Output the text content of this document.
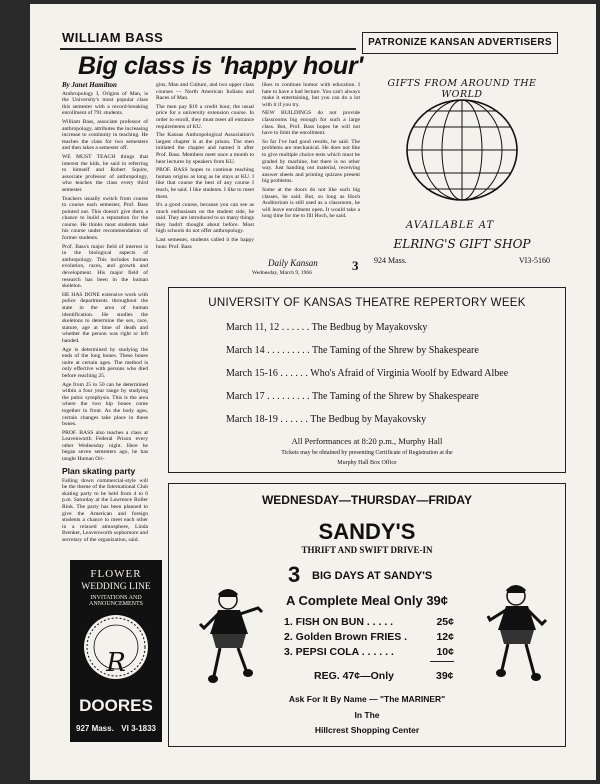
WILLIAM BASS	PATRONIZE KANSAN ADVERTISERS
Big class is 'happy hour'
By Janet Hamilton

Anthropology I, Origins of Man, is the University's most popular class this semester with a record-breaking enrollment of 791 students.

William Bass, associate professor of anthropology, attributes the increasing increase to continuity in teaching. He teaches the class for two semesters and then takes a semester off.

WE MUST TEACH things that interest the kids, he said in referring to himself and Robert Squire, associate professor of anthropology, who teaches the class every third semester.

Teachers usually switch from course to course each semester, Prof. Bass pointed out. This doesn't give them a chance to build a reputation for the course. He thinks most students take his course under recommendation of former students.

Prof. Bass's major field of interest is in the biological aspects of anthropology. This includes human evolution, races, and growth and development. His major field of research has been in the human skeleton.

HE HAS DONE extensive work with police departments throughout the state in the area of human identification. He studies the skeletons to determine the sex, race, stature, age at time of death and whether the person was right or left handed.

Age is determined by studying the ends of the long bones. These bones unite at certain ages. The method is only effective with persons who died before reaching 25.

Age from 25 to 50 can be determined within a four year range by studying the pubic symphysis. This is the area where the two hip bones come together in front. As the body ages, certain changes take place in these bones.

PROF. BASS also teaches a class at Leavenworth Federal Prison every other Wednesday night. Here he began seven semesters ago, he has taught Human Ori-

Plan skating party

Falling down commercial-style will be the theme of the International Club skating party to be held from 4 to 6 p.m. Saturday at the Lawrence Roller Rink. The party has been planned to give the American and foreign students a chance to meet each other in a relaxed atmosphere, Linda Brenker, Leavenworth sophomore and secretary of the organization, said.

gins, Man and Culture, and two upper class courses — North American Indians and Races of Man.

The men pay $10 a credit hour, the usual price for a university extension course. In order to enroll, they must meet all entrance requirements of KU.

The Kansas Anthropological Association's largest chapter is at the prison. The men initiated the chapter and named it after Prof. Bass. Members meet once a month to hear lectures by speakers from KU.

PROF. BASS hopes to continue teaching human origins as long as he stays at KU. I like that course the best of any course I teach, he said. I like students. I like to meet them.

It's a good course, because you can see as much enthusiasm on the student side, he said. They are introduced to so many things they hadn't thought about before. Most high schools do not offer anthropology.

Last semester, students called it the happy hour. Prof. Bass

likes to continue humor with education. I hate to have a bad lecture. You can't always make it entertaining, but you can do a lot with it if you try.

NEW BUILDINGS do not provide classrooms big enough for such a large class. But, Prof. Bass hopes he will not have to limit the enrollment.

So far I've had good results, he said. The problems are mechanical. He does not like to give multiple choice tests which must be graded by machine, but there is no other way. Just handing out material, receiving answer sheets and printing quizzes present big problems.

Some at the doors do not like such big classes, he said. But, so long as Hoch Auditorium is still used as a classroom, he will leave enrollment open. It would take a long time for me to fill Hoch, he said.

Daily Kansan
Wednesday, March 9, 1966	3
GIFTS FROM AROUND THE WORLD
AVAILABLE AT
ELRING'S GIFT SHOP
924 Mass.	VI3-5160
UNIVERSITY OF KANSAS THEATRE REPERTORY WEEK
March 11, 12 . . . . . . The Bedbug by Mayakovsky
March 14 . . . . . . . . . The Taming of the Shrew by Shakespeare
March 15-16 . . . . . . Who's Afraid of Virginia Woolf by Edward Albee
March 17 . . . . . . . . . The Taming of the Shrew by Shakespeare
March 18-19 . . . . . . The Bedbug by Mayakovsky
All Performances at 8:20 p.m., Murphy Hall
Tickets may be obtained by presenting Certificate of Registration at the
Murphy Hall Box Office
WEDNESDAY—THURSDAY—FRIDAY
SANDY'S
THRIFT AND SWIFT DRIVE-IN
3 BIG DAYS AT SANDY'S
A Complete Meal Only 39¢
1. FISH ON BUN . . . . .	25¢
2. Golden Brown FRIES .	12¢
3. PEPSI COLA . . . . . .	10¢
REG. 47¢—Only	39¢
Ask For It By Name — "The MARINER"
In The
Hillcrest Shopping Center
FLOWER
WEDDING LINE
INVITATIONS AND
ANNOUNCEMENTS
R
DOORES
927 Mass. VI 3-1833
